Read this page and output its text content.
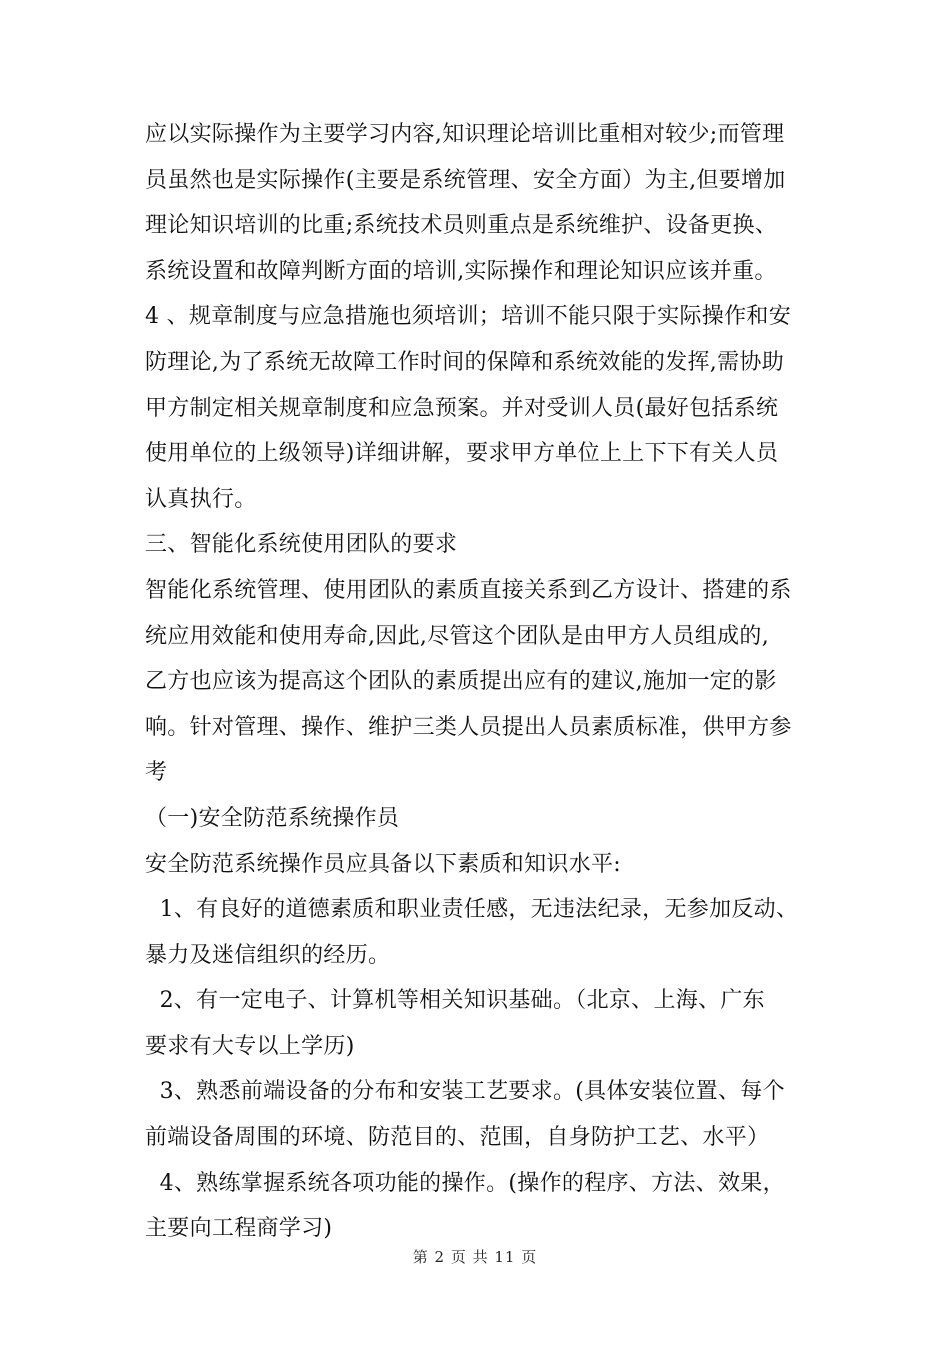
应以实际操作为主要学习内容,知识理论培训比重相对较少;而管理
员虽然也是实际操作(主要是系统管理、安全方面）为主,但要增加
理论知识培训的比重;系统技术员则重点是系统维护、设备更换、
系统设置和故障判断方面的培训,实际操作和理论知识应该并重。
4 、规章制度与应急措施也须培训；培训不能只限于实际操作和安
防理论,为了系统无故障工作时间的保障和系统效能的发挥,需协助
甲方制定相关规章制度和应急预案。并对受训人员(最好包括系统
使用单位的上级领导)详细讲解，要求甲方单位上上下下有关人员
认真执行。
三、智能化系统使用团队的要求
智能化系统管理、使用团队的素质直接关系到乙方设计、搭建的系
统应用效能和使用寿命,因此,尽管这个团队是由甲方人员组成的,
乙方也应该为提高这个团队的素质提出应有的建议,施加一定的影
响。针对管理、操作、维护三类人员提出人员素质标准，供甲方参
考
（一)安全防范系统操作员
安全防范系统操作员应具备以下素质和知识水平:
1、有良好的道德素质和职业责任感，无违法纪录，无参加反动、
暴力及迷信组织的经历。
2、有一定电子、计算机等相关知识基础。（北京、上海、广东
要求有大专以上学历)
3、熟悉前端设备的分布和安装工艺要求。(具体安装位置、每个
前端设备周围的环境、防范目的、范围，自身防护工艺、水平）
4、熟练掌握系统各项功能的操作。(操作的程序、方法、效果，
主要向工程商学习)
第 2 页 共 11 页
